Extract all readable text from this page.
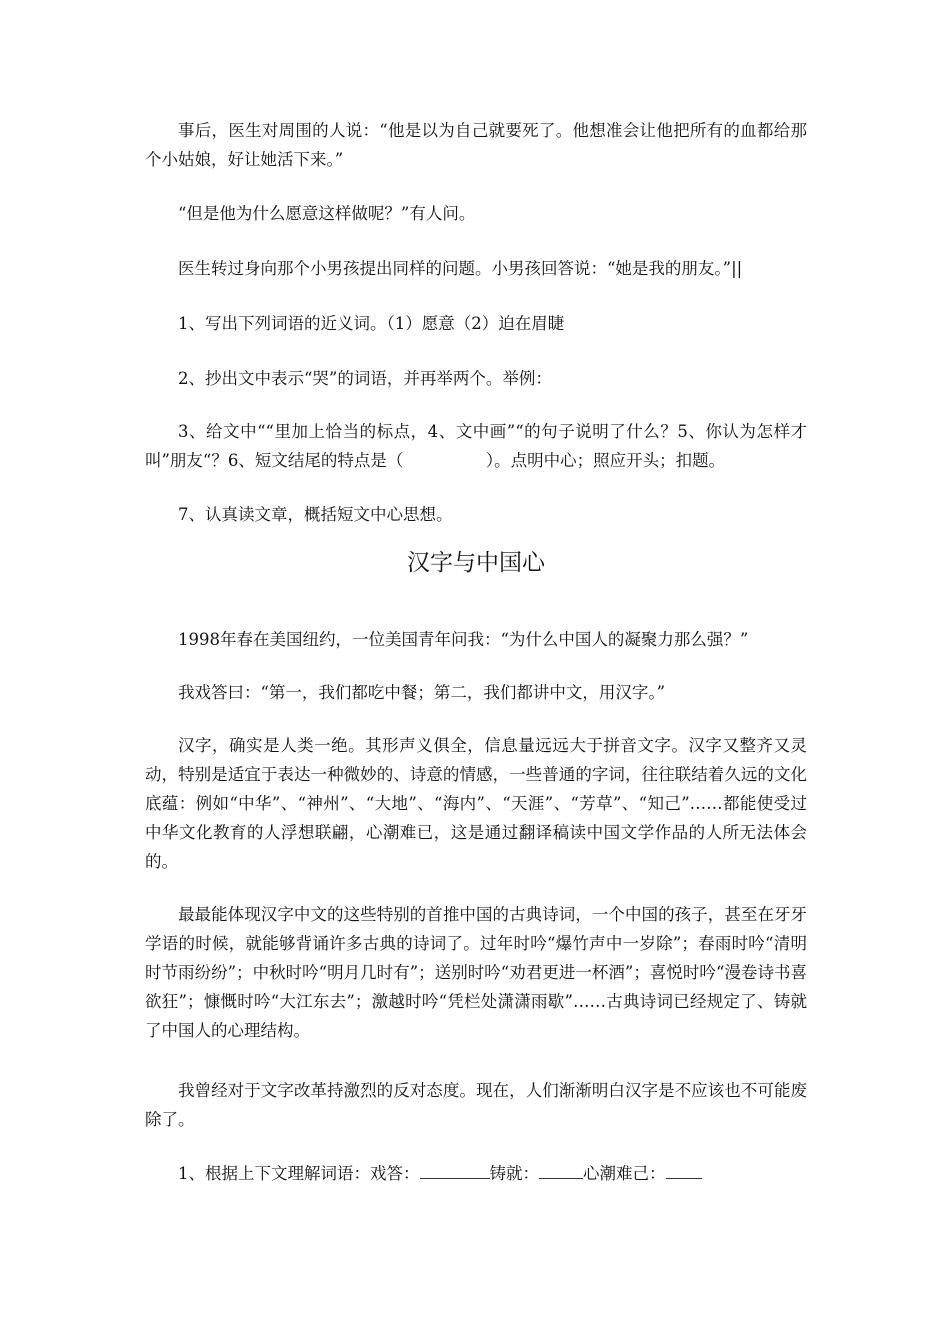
事后，医生对周围的人说：“他是以为自己就要死了。他想准会让他把所有的血都给那个小姑娘，好让她活下来。”

“但是他为什么愿意这样做呢？”有人问。

医生转过身向那个小男孩提出同样的问题。小男孩回答说：“她是我的朋友。”||

1、写出下列词语的近义词。（1）愿意（2）迫在眉睫

2、抄出文中表示“哭”的词语，并再举两个。举例：

3、给文中““里加上恰当的标点，4、文中画”“的句子说明了什么？5、你认为怎样才叫”朋友“？6、短文结尾的特点是（　　　　　）。点明中心；照应开头；扣题。

7、认真读文章，概括短文中心思想。

汉字与中国心

1998年春在美国纽约，一位美国青年问我：“为什么中国人的凝聚力那么强？”

我戏答曰：“第一，我们都吃中餐；第二，我们都讲中文，用汉字。”

汉字，确实是人类一绝。其形声义俱全，信息量远远大于拼音文字。汉字又整齐又灵动，特别是适宜于表达一种微妙的、诗意的情感，一些普通的字词，往往联结着久远的文化底蕴：例如“中华”、“神州”、“大地”、“海内”、“天涯”、“芳草”、“知己”……都能使受过中华文化教育的人浮想联翩，心潮难已，这是通过翻译稿读中国文学作品的人所无法体会的。

最最能体现汉字中文的这些特别的首推中国的古典诗词，一个中国的孩子，甚至在牙牙学语的时候，就能够背诵许多古典的诗词了。过年时吟“爆竹声中一岁除”；春雨时吟“清明时节雨纷纷”；中秋时吟“明月几时有”；送别时吟“劝君更进一杯酒”；喜悦时吟“漫卷诗书喜欲狂”；慷慨时吟“大江东去”；激越时吟“凭栏处潇潇雨歇”……古典诗词已经规定了、铸就了中国人的心理结构。

我曾经对于文字改革持激烈的反对态度。现在，人们渐渐明白汉字是不应该也不可能废除了。

1、根据上下文理解词语：戏答：	铸就：	心潮难己：
